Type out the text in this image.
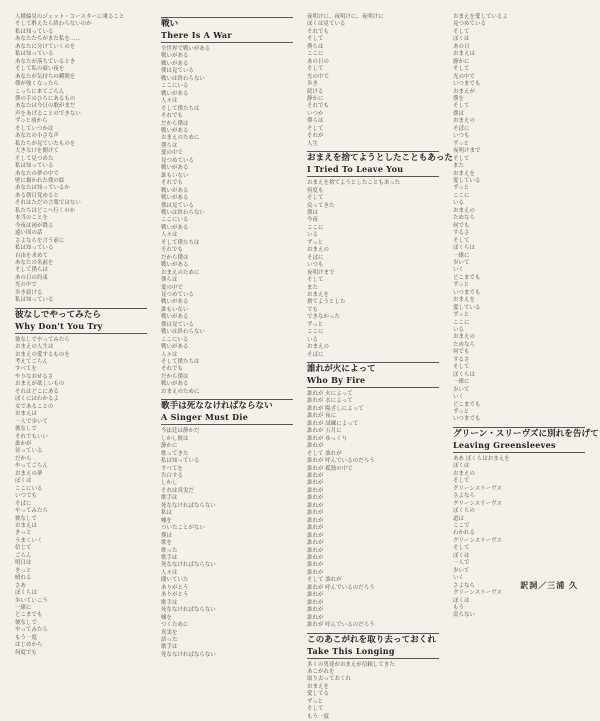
人種偏見のジェット・コースターに乗ること
そして酔えたら終わらないのか
私は知っている
あなたたちがまた私を……
あなたに分けていくのを
私は知っている
あなたが落ちているとき
そして私の暗い夜を
あなたが気持ちの瞬間を
僕が強くなったら
こっちに来てごらん
僕の手のひらにあるもの
あなたは今日の歌がまだ
声をあげることのできない
ずっと前から
そしていつかは
あなたの小さな声
私たちが見ていたものを
大きな口を開けて
そして見つめた
私は知っている
あなたの夢の中で
壁に描かれた僕の絵
あなたは知っているか
ある朝目覚めると
それはただの言葉ではない
私たちはどこへ行くのか
本当のことを
今夜は雨が降る
遠い国の話
さよならを言う前に
私は知っている
自由を求めて
あなたの名前を
そして僕らは
あの日の約束
光の中で
歩き続ける
私は知っている
彼なしでやってみたら
Why Don't You Try
彼なしでやってみたら
おまえの人生は
おまえの愛するものを
考えてごらん
すべてを
やりなおせるさ
おまえが欲しいもの
それはどこにある
ぼくにはわかるよ
女であることの
おまえは
一人で歩いて
彼なしで
それでもいい
誰かが
待っている
だから
やってごらん
おまえの夢
ぼくは
ここにいる
いつでも
そばに
やってみたら
彼なしで
おまえは
きっと
うまくいく
信じて
ごらん
明日は
きっと
晴れる
さあ
ぼくらは
歩いていこう
一緒に
どこまでも
彼なしで
やってみたら
もう一度
はじめから
何度でも
戦い
There Is A War
全世界で戦いがある
戦いがある
戦いがある
僕は見ている
戦いは終わらない
ここにいる
戦いがある
人々は
そして僕たちは
それでも
だから僕は
戦いがある
おまえのために
僕らは
愛の中で
見つめている
戦いがある
誰もいない
それでも
戦いがある
戦いがある
僕は見ている
戦いは終わらない
ここにいる
戦いがある
人々は
そして僕たちは
それでも
だから僕は
戦いがある
おまえのために
僕らは
愛の中で
見つめている
戦いがある
誰もいない
戦いがある
僕は見ている
戦いは終わらない
ここにいる
戦いがある
人々は
そして僕たちは
それでも
だから僕は
戦いがある
おまえのために
歌手は死ななければならない
A Singer Must Die
今法廷は静かだ
しかし彼は
静かに
歌ってきた
私は知っている
すべてを
告白する
しかし
それは真実だ
歌手は
死ななければならない
私は
嘘を
ついたことがない
僕は
歌を
歌った
歌手は
死ななければならない
人々は
聞いていた
ありがとう
ありがとう
歌手は
死ななければならない
嘘を
つくために
真実を
語った
歌手は
死ななければならない
夜明けに、夜明けに、夜明けに
ぼくは見ている
それでも
そして
僕らは
ここに
あの日の
そして
光の中で
歩き
続ける
静かに
それでも
いつか
僕らは
そして
それが
人生
おまえを捨てようとしたこともあった
I Tried To Leave You
おまえを捨てようとしたこともあった
何度も
そして
戻ってきた
僕は
今夜
ここに
いる
ずっと
おまえの
そばに
いつも
夜明けまで
そして
また
おまえを
捨てようとした
でも
できなかった
ずっと
ここに
いる
おまえの
そばに
誰れが火によって
Who By Fire
誰れが 火によって
誰れが 水によって
誰れが 陽ざしによって
誰れが 夜に
誰れが 試練によって
誰れが 五月に
誰れが ゆっくり
誰れが
そして 誰れが
誰れが 呼んでいるのだろう
誰れが 孤独の中で
誰れが
誰れが
誰れが
誰れが
誰れが
誰れが
誰れが
誰れが
誰れが
誰れが
誰れが
誰れが
誰れが
誰れが
そして 誰れが
誰れが 呼んでいるのだろう
誰れが
誰れが
誰れが
誰れが
誰れが 呼んでいるのだろう
このあこがれを取り去っておくれ
Take This Longing
多くの男達がおまえが信頼してきた
あこがれを
取り去っておくれ
おまえを
愛してる
ずっと
そして
もう一度
おまえを愛しているよ
見つめている
そして
ぼくは
あの日
おまえは
静かに
そして
光の中で
いつまでも
おまえが
僕を
そして
僕は
おまえの
そばに
いつも
ずっと
夜明けまで
そして
また
おまえを
愛している
ずっと
ここに
いる
おまえの
ためなら
何でも
するさ
そして
ぼくらは
一緒に
歩いて
いく
どこまでも
ずっと
いつまでも
おまえを
愛している
ずっと
ここに
いる
おまえの
ためなら
何でも
するさ
そして
ぼくらは
一緒に
歩いて
いく
どこまでも
ずっと
いつまでも
グリーン・スリーヴズに別れを告げて
Leaving Greensleeves
ああ ぼくらはおまえを
ぼくは
おまえの
そして
グリーンスリーヴス
さよなら
グリーンスリーヴス
ぼくらの
道は
ここで
わかれる
グリーンスリーヴス
そして
ぼくは
一人で
歩いて
いく
さよなら
グリーンスリーヴス
ぼくは
もう
戻らない
訳詞／三浦 久
